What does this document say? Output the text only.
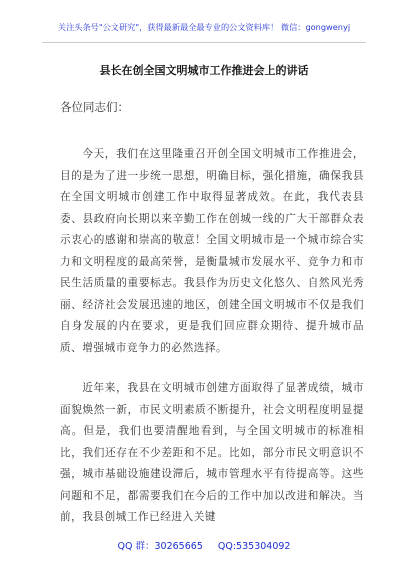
关注头条号"公文研究"，获得最新最全最专业的公文资料库！ 微信：gongwenyj
县长在创全国文明城市工作推进会上的讲话
各位同志们：
今天，我们在这里隆重召开创全国文明城市工作推进会，目的是为了进一步统一思想，明确目标，强化措施，确保我县在全国文明城市创建工作中取得显著成效。在此，我代表县委、县政府向长期以来辛勤工作在创城一线的广大干部群众表示衷心的感谢和崇高的敬意！全国文明城市是一个城市综合实力和文明程度的最高荣誉，是衡量城市发展水平、竞争力和市民生活质量的重要标志。我县作为历史文化悠久、自然风光秀丽、经济社会发展迅速的地区，创建全国文明城市不仅是我们自身发展的内在要求，更是我们回应群众期待、提升城市品质、增强城市竞争力的必然选择。
近年来，我县在文明城市创建方面取得了显著成绩，城市面貌焕然一新，市民文明素质不断提升，社会文明程度明显提高。但是，我们也要清醒地看到，与全国文明城市的标准相比，我们还存在不少差距和不足。比如，部分市民文明意识不强，城市基础设施建设滞后，城市管理水平有待提高等。这些问题和不足，都需要我们在今后的工作中加以改进和解决。当前，我县创城工作已经进入关键
QQ 群：30265665 QQ:535304092
